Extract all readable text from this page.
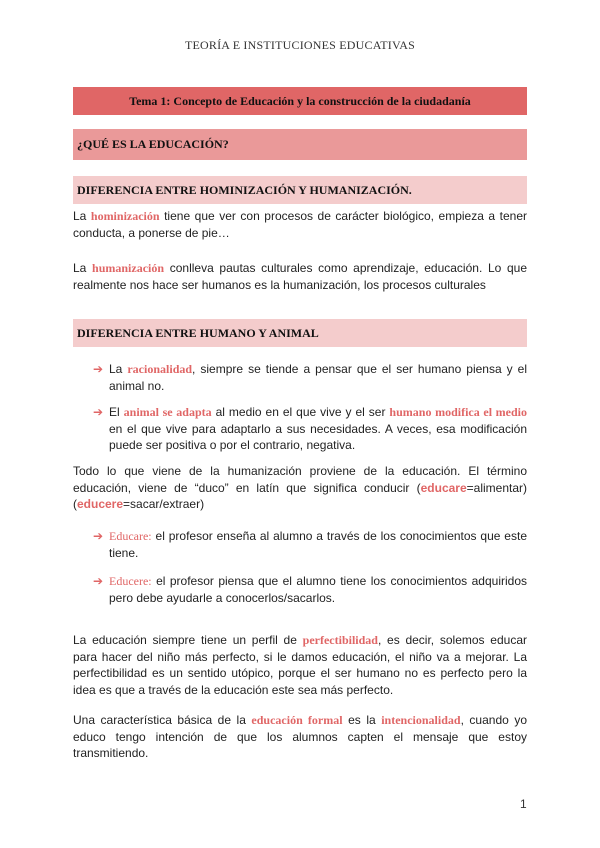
TEORÍA E INSTITUCIONES EDUCATIVAS
Tema 1: Concepto de Educación y la construcción de la ciudadanía
¿QUÉ ES LA EDUCACIÓN?
DIFERENCIA ENTRE HOMINIZACIÓN Y HUMANIZACIÓN.

La hominización tiene que ver con procesos de carácter biológico, empieza a tener conducta, a ponerse de pie…

La humanización conlleva pautas culturales como aprendizaje, educación. Lo que realmente nos hace ser humanos es la humanización, los procesos culturales

DIFERENCIA ENTRE HUMANO Y ANIMAL
➔ La racionalidad, siempre se tiende a pensar que el ser humano piensa y el animal no.
➔ El animal se adapta al medio en el que vive y el ser humano modifica el medio en el que vive para adaptarlo a sus necesidades. A veces, esa modificación puede ser positiva o por el contrario, negativa.

Todo lo que viene de la humanización proviene de la educación. El término educación, viene de “duco” en latín que significa conducir (educare=alimentar)(educere=sacar/extraer)

➔ Educare: el profesor enseña al alumno a través de los conocimientos que este tiene.
➔ Educere: el profesor piensa que el alumno tiene los conocimientos adquiridos pero debe ayudarle a conocerlos/sacarlos.

La educación siempre tiene un perfil de perfectibilidad, es decir, solemos educar para hacer del niño más perfecto, si le damos educación, el niño va a mejorar. La perfectibilidad es un sentido utópico, porque el ser humano no es perfecto pero la idea es que a través de la educación este sea más perfecto.

Una característica básica de la educación formal es la intencionalidad, cuando yo educo tengo intención de que los alumnos capten el mensaje que estoy transmitiendo.

1
